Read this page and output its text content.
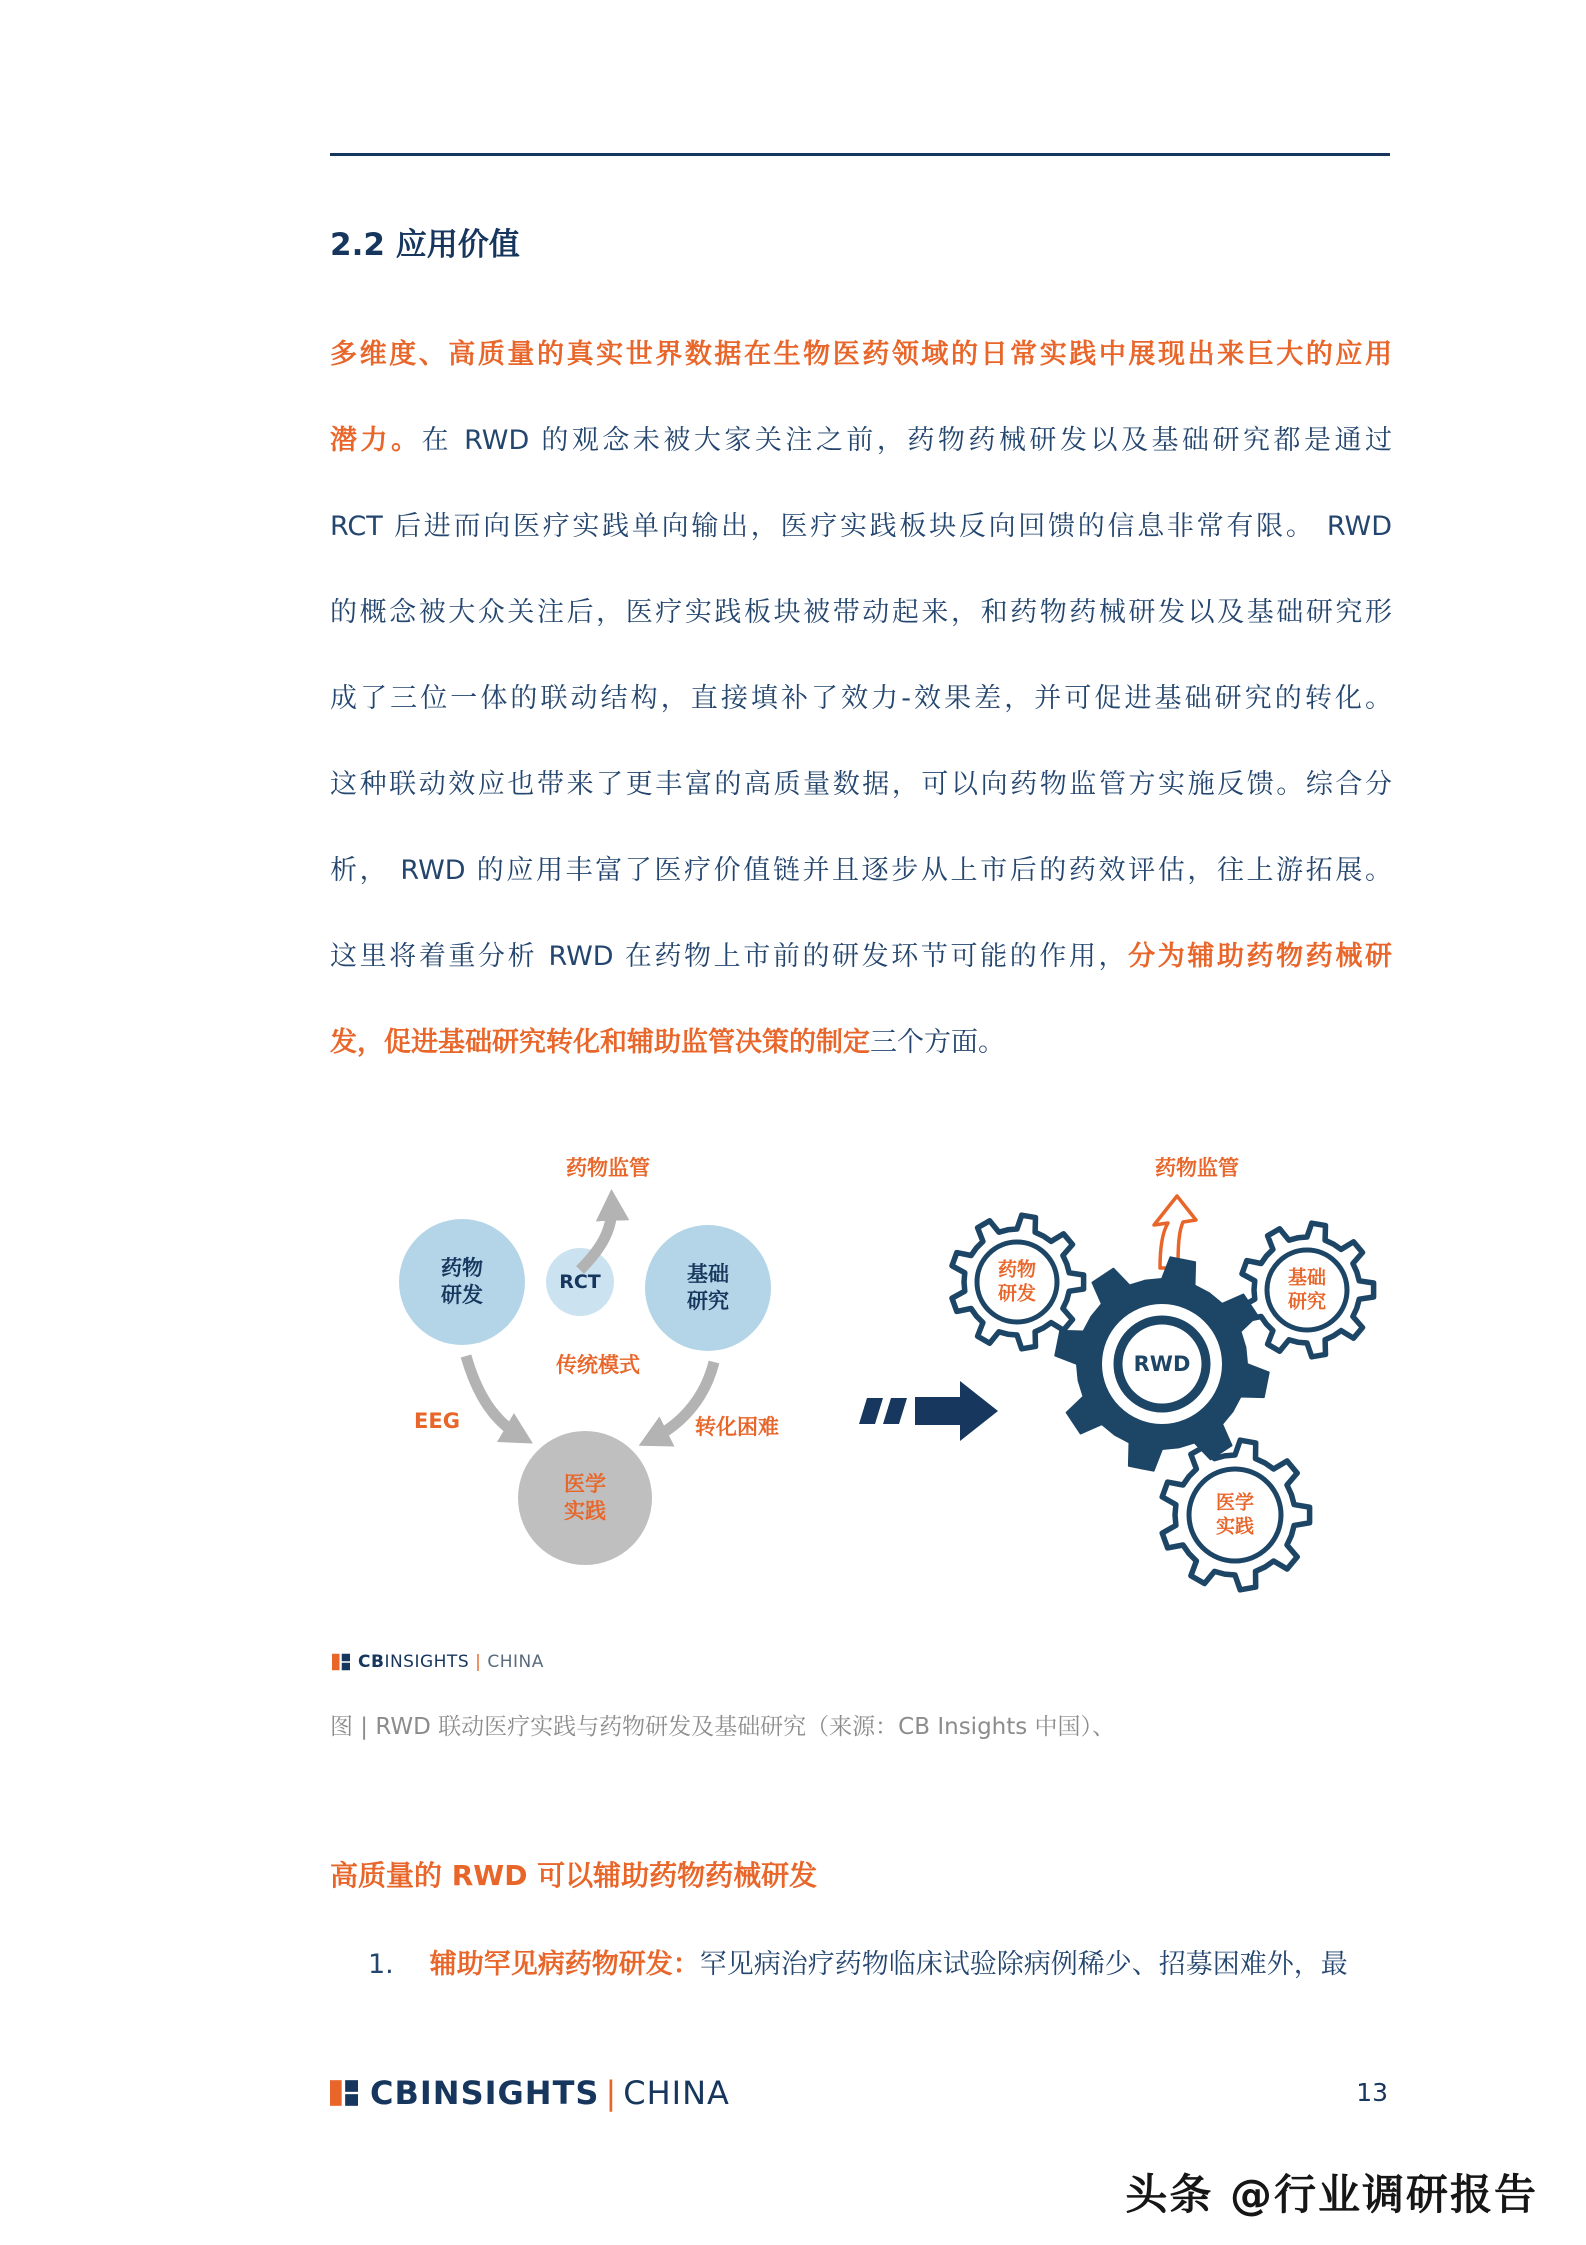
2.2 应用价值
多维度、高质量的真实世界数据在生物医药领域的日常实践中展现出来巨大的应用
潜力。在 RWD 的观念未被大家关注之前，药物药械研发以及基础研究都是通过
RCT 后进而向医疗实践单向输出，医疗实践板块反向回馈的信息非常有限。 RWD
的概念被大众关注后，医疗实践板块被带动起来，和药物药械研发以及基础研究形
成了三位一体的联动结构，直接填补了效力-效果差，并可促进基础研究的转化。
这种联动效应也带来了更丰富的高质量数据，可以向药物监管方实施反馈。综合分
析， RWD 的应用丰富了医疗价值链并且逐步从上市后的药效评估，往上游拓展。
这里将着重分析 RWD 在药物上市前的研发环节可能的作用，分为辅助药物药械研
发，促进基础研究转化和辅助监管决策的制定三个方面。
药物监管
药物研发
RCT	基础研究
医学实践
传统模式
EEG	转化困难
药物监管
药物研发
基础研究
RWD
医学实践
CBINSIGHTS | CHINA
图 | RWD 联动医疗实践与药物研发及基础研究（来源：CB Insights 中国）、
高质量的 RWD 可以辅助药物药械研发
1. 辅助罕见病药物研发：罕见病治疗药物临床试验除病例稀少、招募困难外，最
CBINSIGHTS | CHINA	13
头条 @行业调研报告
